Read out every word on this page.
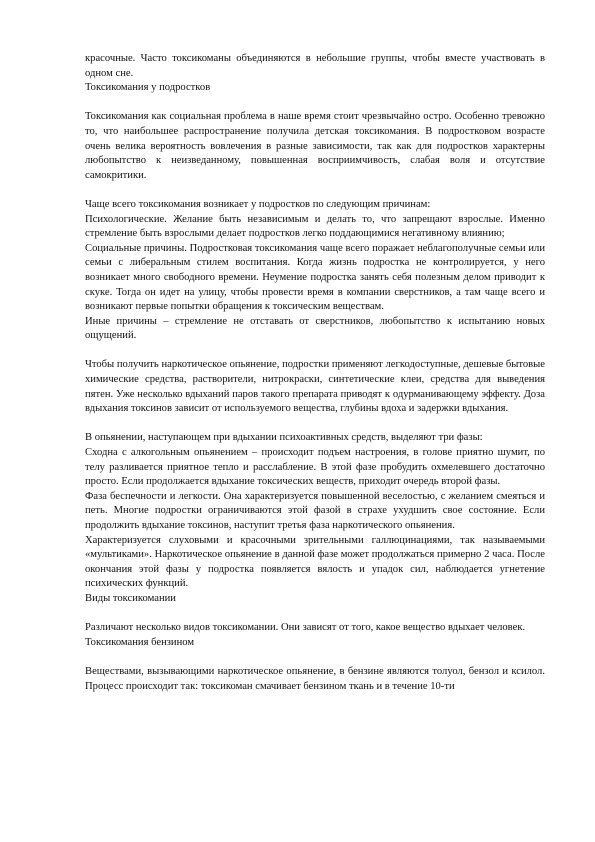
красочные. Часто токсикоманы объединяются в небольшие группы, чтобы вместе участвовать в одном сне.

Токсикомания у подростков

Токсикомания как социальная проблема в наше время стоит чрезвычайно остро. Особенно тревожно то, что наибольшее распространение получила детская токсикомания. В подростковом возрасте очень велика вероятность вовлечения в разные зависимости, так как для подростков характерны любопытство к неизведанному, повышенная восприимчивость, слабая воля и отсутствие самокритики.

Чаще всего токсикомания возникает у подростков по следующим причинам:

Психологические. Желание быть независимым и делать то, что запрещают взрослые. Именно стремление быть взрослыми делает подростков легко поддающимися негативному влиянию;

Социальные причины. Подростковая токсикомания чаще всего поражает неблагополучные семьи или семьи с либеральным стилем воспитания. Когда жизнь подростка не контролируется, у него возникает много свободного времени. Неумение подростка занять себя полезным делом приводит к скуке. Тогда он идет на улицу, чтобы провести время в компании сверстников, а там чаще всего и возникают первые попытки обращения к токсическим веществам.

Иные причины – стремление не отставать от сверстников, любопытство к испытанию новых ощущений.

Чтобы получить наркотическое опьянение, подростки применяют легкодоступные, дешевые бытовые химические средства, растворители, нитрокраски, синтетические клеи, средства для выведения пятен. Уже несколько вдыханий паров такого препарата приводят к одурманивающему эффекту. Доза вдыхания токсинов зависит от используемого вещества, глубины вдоха и задержки вдыхания.

В опьянении, наступающем при вдыхании психоактивных средств, выделяют три фазы:

Сходна с алкогольным опьянением – происходит подъем настроения, в голове приятно шумит, по телу разливается приятное тепло и расслабление. В этой фазе пробудить охмелевшего достаточно просто. Если продолжается вдыхание токсических веществ, приходит очередь второй фазы.

Фаза беспечности и легкости. Она характеризуется повышенной веселостью, с желанием смеяться и петь. Многие подростки ограничиваются этой фазой в страхе ухудшить свое состояние. Если продолжить вдыхание токсинов, наступит третья фаза наркотического опьянения.

Характеризуется слуховыми и красочными зрительными галлюцинациями, так называемыми «мультиками». Наркотическое опьянение в данной фазе может продолжаться примерно 2 часа. После окончания этой фазы у подростка появляется вялость и упадок сил, наблюдается угнетение психических функций.

Виды токсикомании

Различают несколько видов токсикомании. Они зависят от того, какое вещество вдыхает человек.

Токсикомания бензином

Веществами, вызывающими наркотическое опьянение, в бензине являются толуол, бензол и ксилол. Процесс происходит так: токсикоман смачивает бензином ткань и в течение 10-ти
